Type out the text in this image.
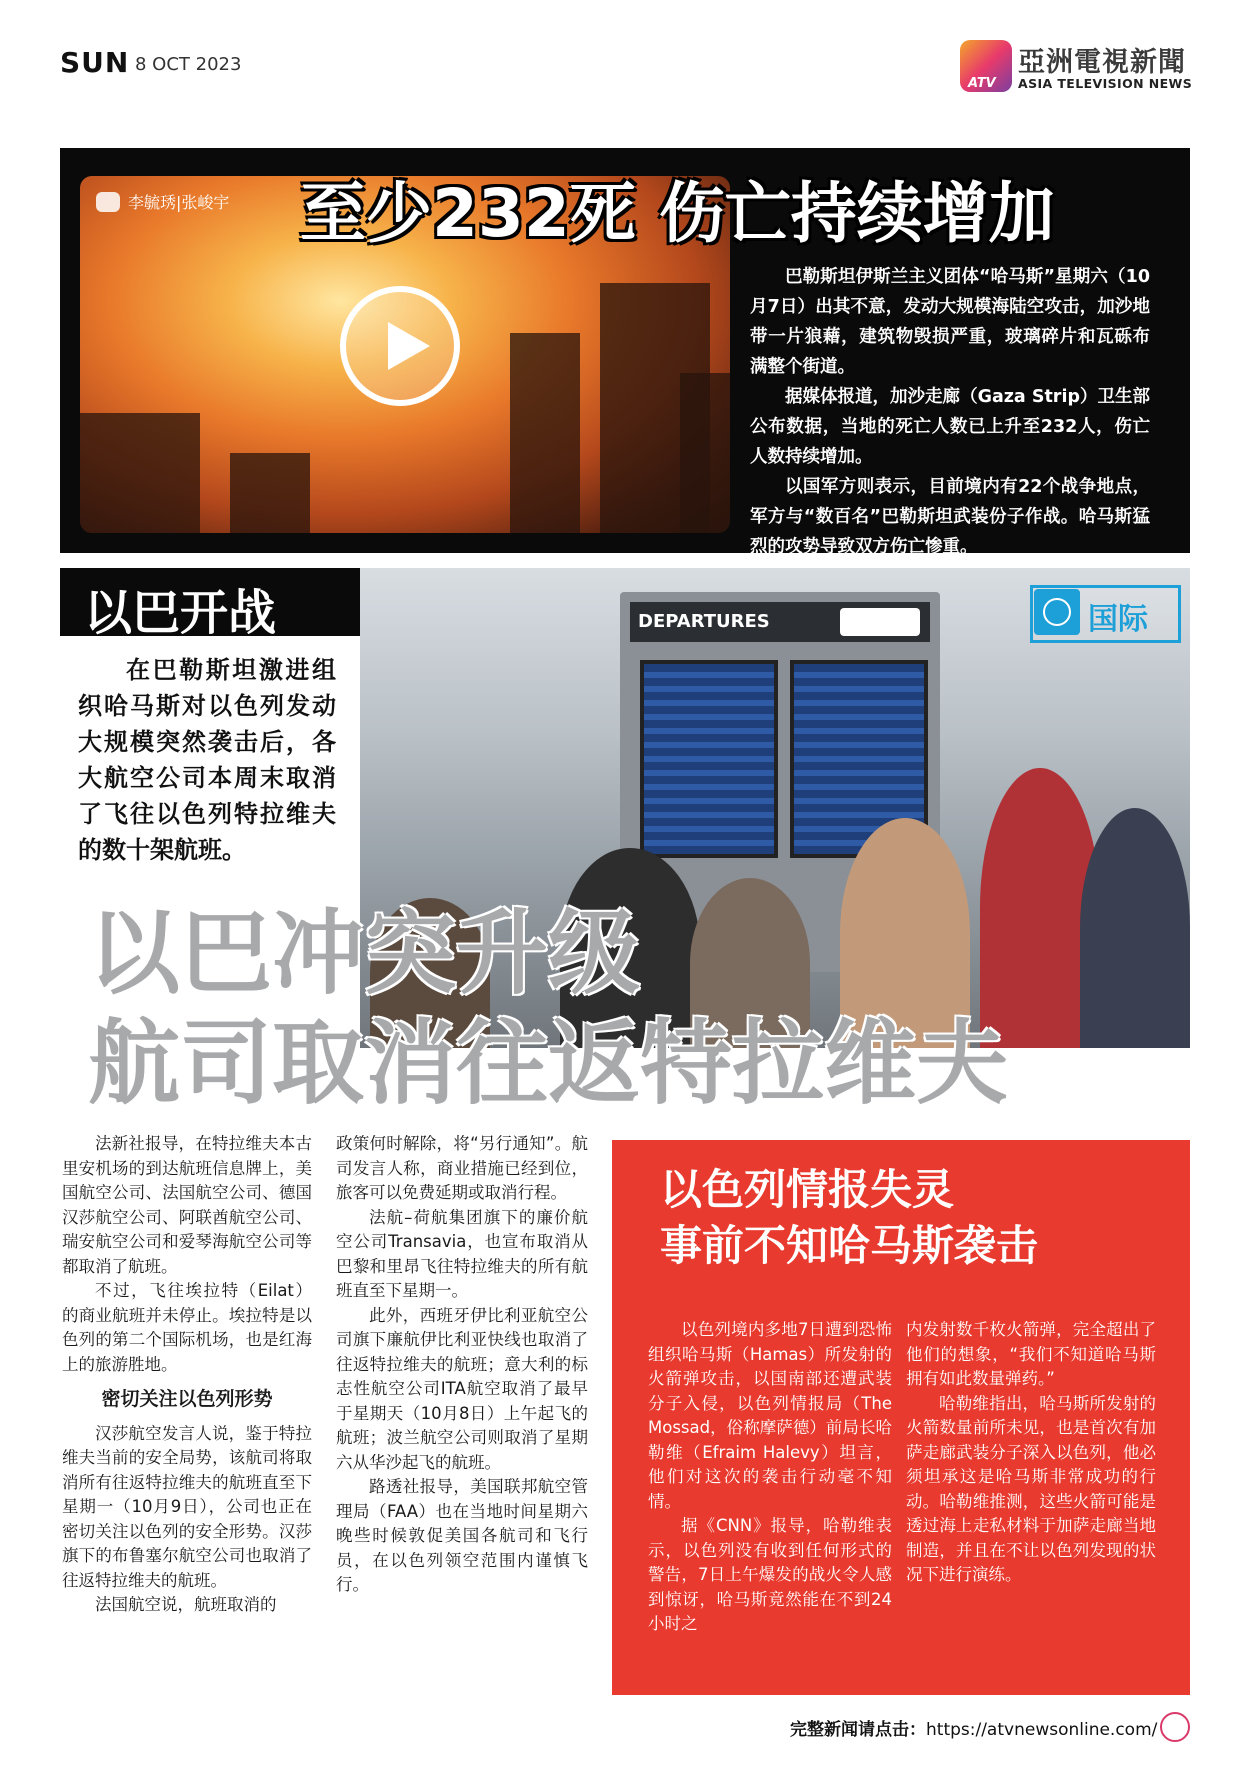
SUN 8 OCT 2023
ATV
亞洲電視新聞
ASIA TELEVISION NEWS
李毓琇|张峻宇 至少232死 伤亡持续增加

巴勒斯坦伊斯兰主义团体“哈马斯”星期六（10月7日）出其不意，发动大规模海陆空攻击，加沙地带一片狼藉，建筑物毁损严重，玻璃碎片和瓦砾布满整个街道。

据媒体报道，加沙走廊（Gaza Strip）卫生部公布数据，当地的死亡人数已上升至232人，伤亡人数持续增加。

以国军方则表示，目前境内有22个战争地点，军方与“数百名”巴勒斯坦武装份子作战。哈马斯猛烈的攻势导致双方伤亡惨重。

DEPARTURES	国际
以巴开战

在巴勒斯坦激进组织哈马斯对以色列发动大规模突然袭击后，各大航空公司本周末取消了飞往以色列特拉维夫的数十架航班。

以巴冲突升级
航司取消往返特拉维夫

法新社报导，在特拉维夫本古里安机场的到达航班信息牌上，美国航空公司、法国航空公司、德国汉莎航空公司、阿联酋航空公司、瑞安航空公司和爱琴海航空公司等都取消了航班。

不过，飞往埃拉特（Eilat）的商业航班并未停止。埃拉特是以色列的第二个国际机场，也是红海上的旅游胜地。

密切关注以色列形势

汉莎航空发言人说，鉴于特拉维夫当前的安全局势，该航司将取消所有往返特拉维夫的航班直至下星期一（10月9日），公司也正在密切关注以色列的安全形势。汉莎旗下的布鲁塞尔航空公司也取消了往返特拉维夫的航班。

法国航空说，航班取消的

政策何时解除，将“另行通知”。航司发言人称，商业措施已经到位，旅客可以免费延期或取消行程。

法航–荷航集团旗下的廉价航空公司Transavia，也宣布取消从巴黎和里昂飞往特拉维夫的所有航班直至下星期一。

此外，西班牙伊比利亚航空公司旗下廉航伊比利亚快线也取消了往返特拉维夫的航班；意大利的标志性航空公司ITA航空取消了最早于星期天（10月8日）上午起飞的航班；波兰航空公司则取消了星期六从华沙起飞的航班。

路透社报导，美国联邦航空管理局（FAA）也在当地时间星期六晚些时候敦促美国各航司和飞行员，在以色列领空范围内谨慎飞行。

以色列情报失灵
事前不知哈马斯袭击

以色列境内多地7日遭到恐怖组织哈马斯（Hamas）所发射的火箭弹攻击，以国南部还遭武装分子入侵，以色列情报局（The Mossad，俗称摩萨德）前局长哈勒维（Efraim Halevy）坦言，他们对这次的袭击行动毫不知情。

据《CNN》报导，哈勒维表示，以色列没有收到任何形式的警告，7日上午爆发的战火令人感到惊讶，哈马斯竟然能在不到24小时之

内发射数千枚火箭弹，完全超出了他们的想象，“我们不知道哈马斯拥有如此数量弹药。”

哈勒维指出，哈马斯所发射的火箭数量前所未见，也是首次有加萨走廊武装分子深入以色列，他必须坦承这是哈马斯非常成功的行动。哈勒维推测，这些火箭可能是透过海上走私材料于加萨走廊当地制造，并且在不让以色列发现的状况下进行演练。

完整新闻请点击：https://atvnewsonline.com/
